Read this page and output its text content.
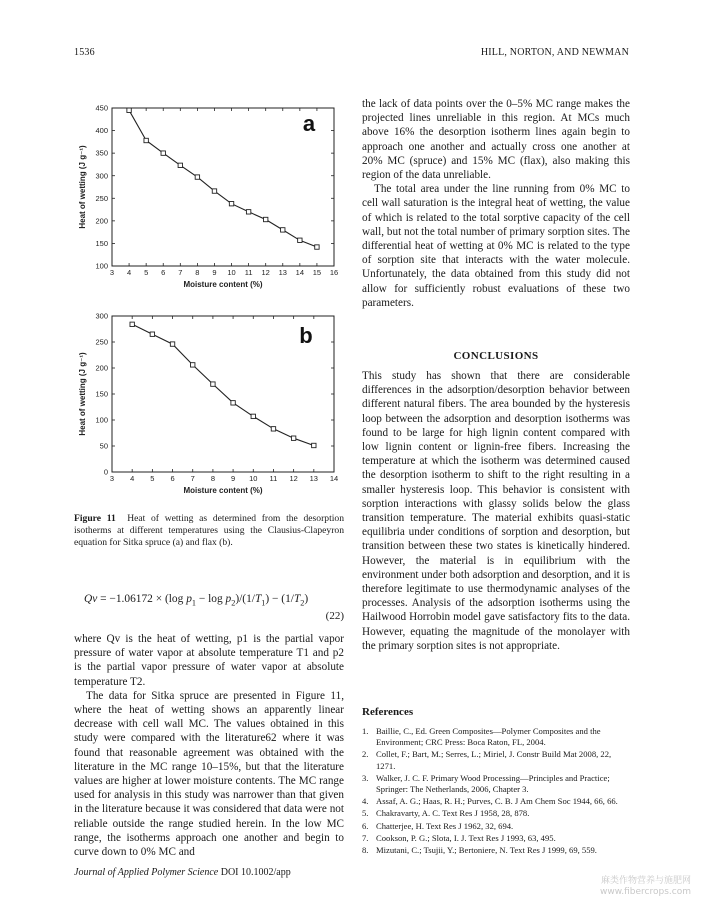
1536	HILL, NORTON, AND NEWMAN
3 4 5 6 7 8 9 10 11 12 13 14 15 16
100
150
200
250
300
350
400
450
Moisture content (%)
Heat of wetting (J g⁻¹)
a
3 4 5 6 7 8 9 10 11 12 13 14
0
50
100
150
200
250
300
Moisture content (%)
Heat of wetting (J g⁻¹)
b
Figure 11 Heat of wetting as determined from the desorption isotherms at different temperatures using the Clausius-Clapeyron equation for Sitka spruce (a) and flax (b).
Qv = −1.06172 × (log $p_1 - \log p_2)/(1/T_1) - (1/T_2)$
(22)

where Qv is the heat of wetting, p1 is the partial vapor pressure of water vapor at absolute temperature T1 and p2 is the partial vapor pressure of water vapor at absolute temperature T2.

The data for Sitka spruce are presented in Figure 11, where the heat of wetting shows an apparently linear decrease with cell wall MC. The values obtained in this study were compared with the literature62 where it was found that reasonable agreement was obtained with the literature in the MC range 10–15%, but that the literature values are higher at lower moisture contents. The MC range used for analysis in this study was narrower than that given in the literature because it was considered that data were not reliable outside the range studied herein. In the low MC range, the isotherms approach one another and begin to curve down to 0% MC and

the lack of data points over the 0–5% MC range makes the projected lines unreliable in this region. At MCs much above 16% the desorption isotherm lines again begin to approach one another and actually cross one another at 20% MC (spruce) and 15% MC (flax), also making this region of the data unreliable.

The total area under the line running from 0% MC to cell wall saturation is the integral heat of wetting, the value of which is related to the total sorptive capacity of the cell wall, but not the total number of primary sorption sites. The differential heat of wetting at 0% MC is related to the type of sorption site that interacts with the water molecule. Unfortunately, the data obtained from this study did not allow for sufficiently robust evaluations of these two parameters.

CONCLUSIONS

This study has shown that there are considerable differences in the adsorption/desorption behavior between different natural fibers. The area bounded by the hysteresis loop between the adsorption and desorption isotherms was found to be large for high lignin content compared with low lignin content or lignin-free fibers. Increasing the temperature at which the isotherm was determined caused the desorption isotherm to shift to the right resulting in a smaller hysteresis loop. This behavior is consistent with sorption interactions with glassy solids below the glass transition temperature. The material exhibits quasi-static equilibria under conditions of sorption and desorption, but transition between these two states is kinetically hindered. However, the material is in equilibrium with the environment under both adsorption and desorption, and it is therefore legitimate to use thermodynamic analyses of the processes. Analysis of the adsorption isotherms using the Hailwood Horrobin model gave satisfactory fits to the data. However, equating the magnitude of the monolayer with the primary sorption sites is not appropriate.

References
1. Baillie, C., Ed. Green Composites—Polymer Composites and the Environment; CRC Press: Boca Raton, FL, 2004.
2. Collet, F.; Bart, M.; Serres, L.; Miriel, J. Constr Build Mat 2008, 22, 1271.
3. Walker, J. C. F. Primary Wood Processing—Principles and Practice; Springer: The Netherlands, 2006, Chapter 3.
4. Assaf, A. G.; Haas, R. H.; Purves, C. B. J Am Chem Soc 1944, 66, 66.
5. Chakravarty, A. C. Text Res J 1958, 28, 878.
6. Chatterjee, H. Text Res J 1962, 32, 694.
7. Cookson, P. G.; Slota, I. J. Text Res J 1993, 63, 495.
8. Mizutani, C.; Tsujii, Y.; Bertoniere, N. Text Res J 1999, 69, 559.
Journal of Applied Polymer Science DOI 10.1002/app
麻类作物营养与施肥网
www.fibercrops.com
